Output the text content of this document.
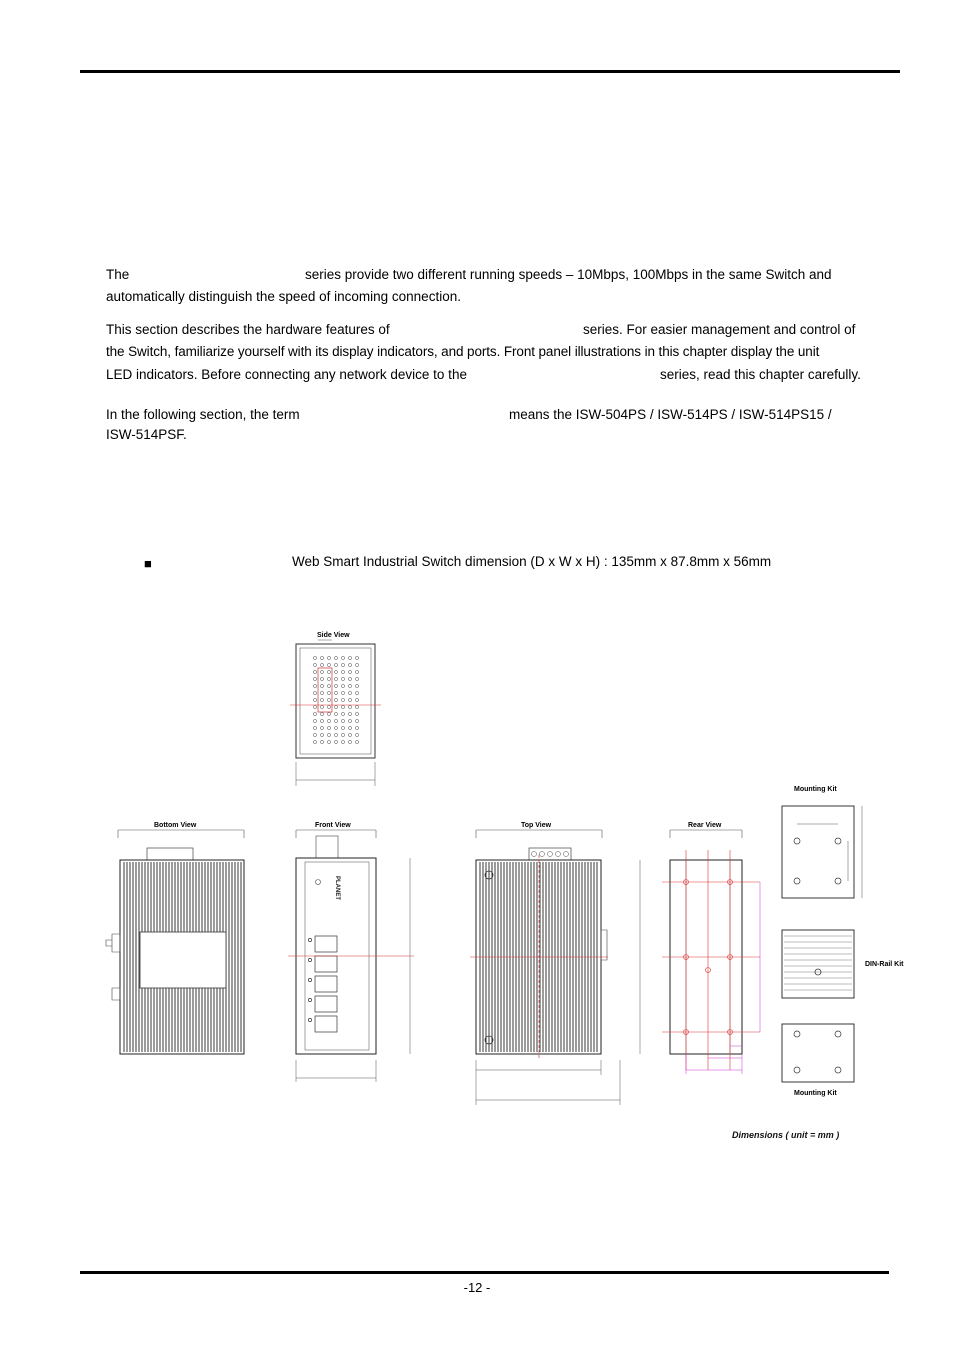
The	series provide two different running speeds – 10Mbps, 100Mbps in the same Switch and
automatically distinguish the speed of incoming connection.
This section describes the hardware features of	series. For easier management and control of
the Switch, familiarize yourself with its display indicators, and ports. Front panel illustrations in this chapter display the unit
LED indicators. Before connecting any network device to the	series, read this chapter carefully.
In the following section, the term	means the ISW-504PS / ISW-514PS / ISW-514PS15 /
ISW-514PSF.
■	Web Smart Industrial Switch dimension (D x W x H) : 135mm x 87.8mm x 56mm
Side View
Bottom View	Front View
PLANET
Top View	Rear View
Mounting Kit
DIN-Rail Kit
Mounting Kit
Dimensions ( unit = mm )
-12 -
